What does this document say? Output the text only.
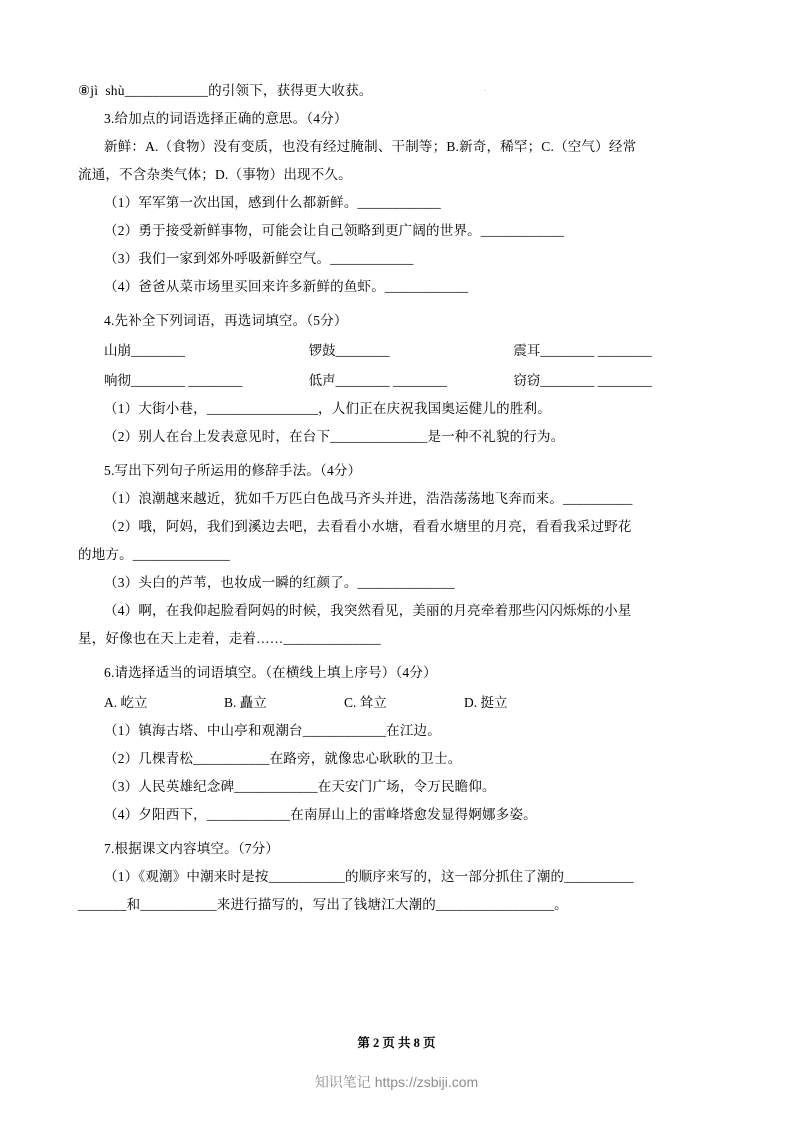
·
⑧jì  shù____________的引领下，获得更大收获。
3.给加点的词语选择正确的意思。（4分）
新鲜：A.（食物）没有变质，也没有经过腌制、干制等；B.新奇，稀罕；C.（空气）经常
流通，不含杂类气体；D.（事物）出现不久。
（1）军军第一次出国，感到什么都新鲜。____________
（2）勇于接受新鲜事物，可能会让自己领略到更广阔的世界。____________
（3）我们一家到郊外呼吸新鲜空气。____________
（4）爸爸从菜市场里买回来许多新鲜的鱼虾。____________
4.先补全下列词语，再选词填空。（5分）
山崩________	锣鼓________	震耳________ ________
响彻________ ________	低声________ ________	窃窃________ ________
（1）大街小巷，________________，人们正在庆祝我国奥运健儿的胜利。
（2）别人在台上发表意见时，在台下______________是一种不礼貌的行为。
5.写出下列句子所运用的修辞手法。（4分）
（1）浪潮越来越近，犹如千万匹白色战马齐头并进，浩浩荡荡地飞奔而来。__________
（2）哦，阿妈，我们到溪边去吧，去看看小水塘，看看水塘里的月亮，看看我采过野花
的地方。______________
（3）头白的芦苇，也妆成一瞬的红颜了。______________
（4）啊，在我仰起脸看阿妈的时候，我突然看见，美丽的月亮牵着那些闪闪烁烁的小星
星，好像也在天上走着，走着……______________
6.请选择适当的词语填空。（在横线上填上序号）（4分）
A. 屹立	B. 矗立	C. 耸立	D. 挺立
（1）镇海古塔、中山亭和观潮台____________在江边。
（2）几棵青松___________在路旁，就像忠心耿耿的卫士。
（3）人民英雄纪念碑____________在天安门广场，令万民瞻仰。
（4）夕阳西下，____________在南屏山上的雷峰塔愈发显得婀娜多姿。
7.根据课文内容填空。（7分）
（1）《观潮》中潮来时是按___________的顺序来写的，这一部分抓住了潮的__________
_______和___________来进行描写的，写出了钱塘江大潮的_________________。
第 2 页 共 8 页
知识笔记 https://zsbiji.com
